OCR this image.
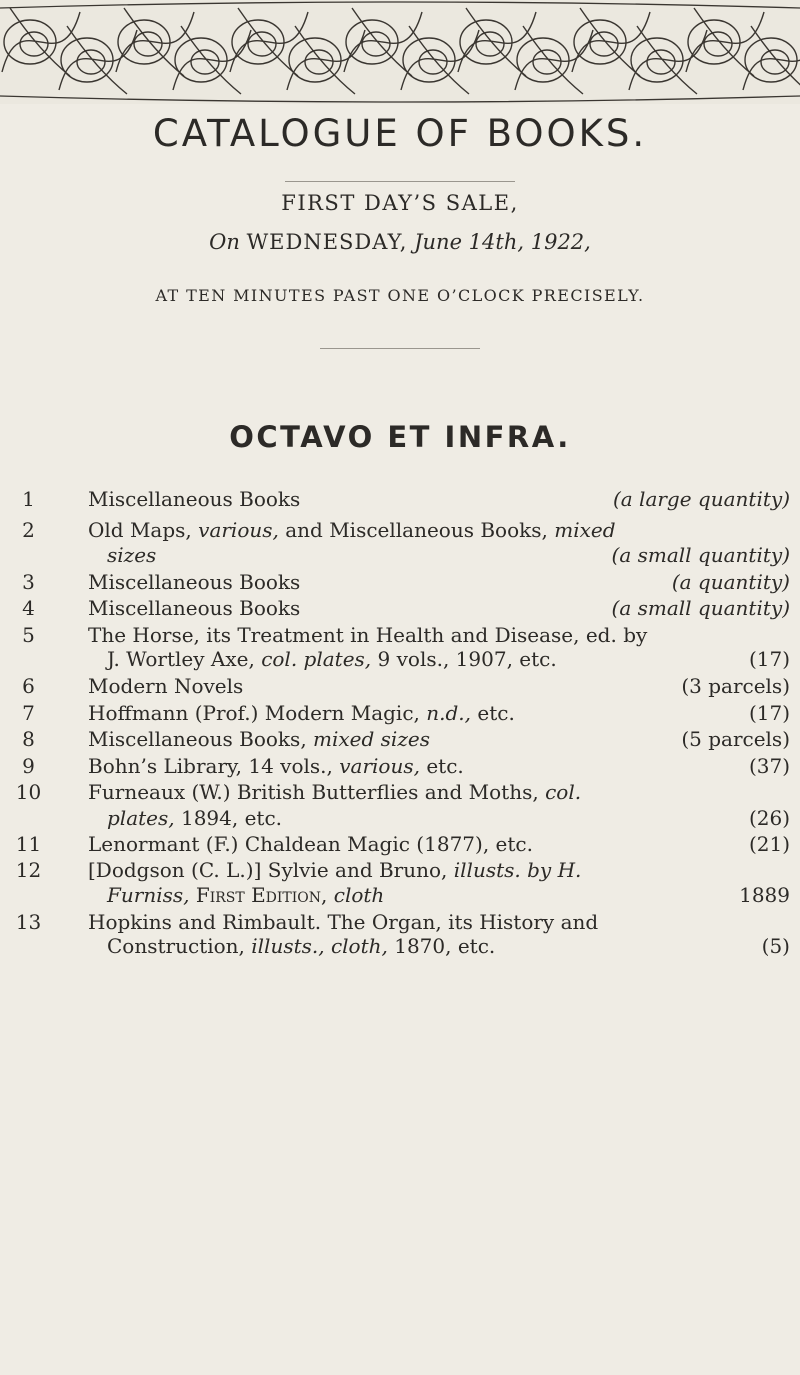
CATALOGUE OF BOOKS.
FIRST DAY’S SALE,
On WEDNESDAY, June 14th, 1922,
AT TEN MINUTES PAST ONE O’CLOCK PRECISELY.
OCTAVO ET INFRA.
1	Miscellaneous Books	(a large quantity)
2	Old Maps, various, and Miscellaneous Books, mixed
sizes	(a small quantity)
3	Miscellaneous Books	(a quantity)
4	Miscellaneous Books	(a small quantity)
5	The Horse, its Treatment in Health and Disease, ed. by
J. Wortley Axe, col. plates, 9 vols., 1907, etc.	(17)
6	Modern Novels	(3 parcels)
7	Hoffmann (Prof.) Modern Magic, n.d., etc.	(17)
8	Miscellaneous Books, mixed sizes	(5 parcels)
9	Bohn’s Library, 14 vols., various, etc.	(37)
10	Furneaux (W.) British Butterflies and Moths, col.
plates, 1894, etc.	(26)
11	Lenormant (F.) Chaldean Magic (1877), etc.	(21)
12	[Dodgson (C. L.)] Sylvie and Bruno, illusts. by H.
Furniss, First Edition, cloth	1889
13	Hopkins and Rimbault. The Organ, its History and
Construction, illusts., cloth, 1870, etc.	(5)
